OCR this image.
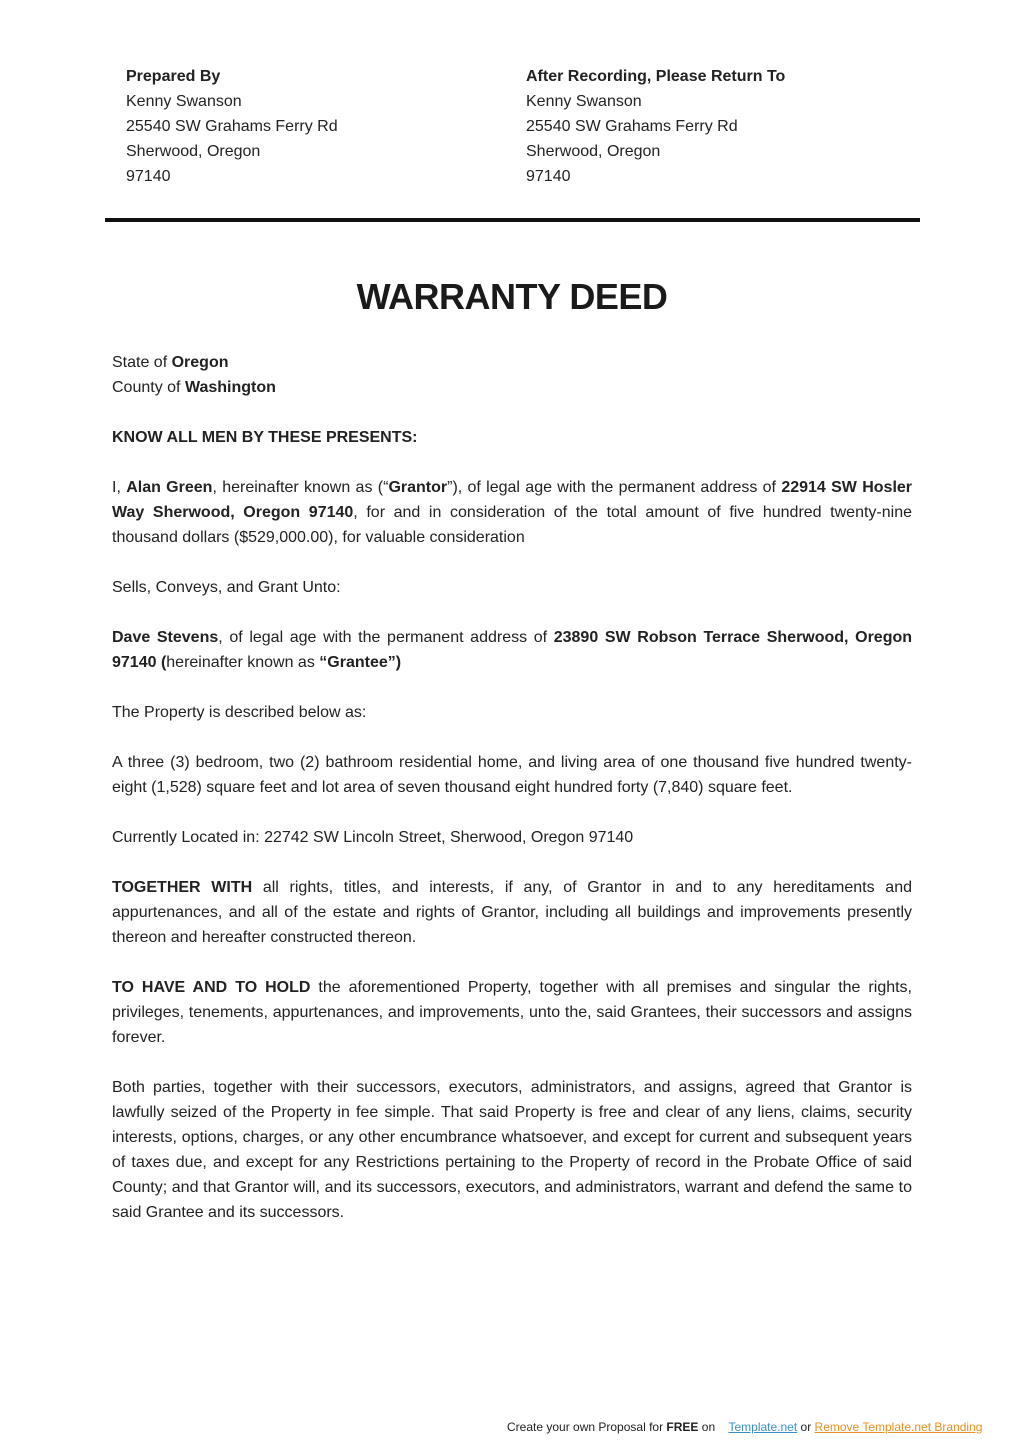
Prepared By
Kenny Swanson
25540 SW Grahams Ferry Rd
Sherwood, Oregon
97140
After Recording, Please Return To
Kenny Swanson
25540 SW Grahams Ferry Rd
Sherwood, Oregon
97140
WARRANTY DEED

State of Oregon

County of Washington

KNOW ALL MEN BY THESE PRESENTS:

I, Alan Green, hereinafter known as (“Grantor”), of legal age with the permanent address of 22914 SW Hosler Way Sherwood, Oregon 97140, for and in consideration of the total amount of five hundred twenty-nine thousand dollars ($529,000.00), for valuable consideration

Sells, Conveys, and Grant Unto:

Dave Stevens, of legal age with the permanent address of 23890 SW Robson Terrace Sherwood, Oregon 97140 (hereinafter known as “Grantee”)

The Property is described below as:

A three (3) bedroom, two (2) bathroom residential home, and living area of one thousand five hundred twenty-eight (1,528) square feet and lot area of seven thousand eight hundred forty (7,840) square feet.

Currently Located in: 22742 SW Lincoln Street, Sherwood, Oregon 97140

TOGETHER WITH all rights, titles, and interests, if any, of Grantor in and to any hereditaments and appurtenances, and all of the estate and rights of Grantor, including all buildings and improvements presently thereon and hereafter constructed thereon.

TO HAVE AND TO HOLD the aforementioned Property, together with all premises and singular the rights, privileges, tenements, appurtenances, and improvements, unto the, said Grantees, their successors and assigns forever.

Both parties, together with their successors, executors, administrators, and assigns, agreed that Grantor is lawfully seized of the Property in fee simple. That said Property is free and clear of any liens, claims, security interests, options, charges, or any other encumbrance whatsoever, and except for current and subsequent years of taxes due, and except for any Restrictions pertaining to the Property of record in the Probate Office of said County; and that Grantor will, and its successors, executors, and administrators, warrant and defend the same to said Grantee and its successors.

Create your own Proposal for FREE on    Template.net or Remove Template.net Branding
